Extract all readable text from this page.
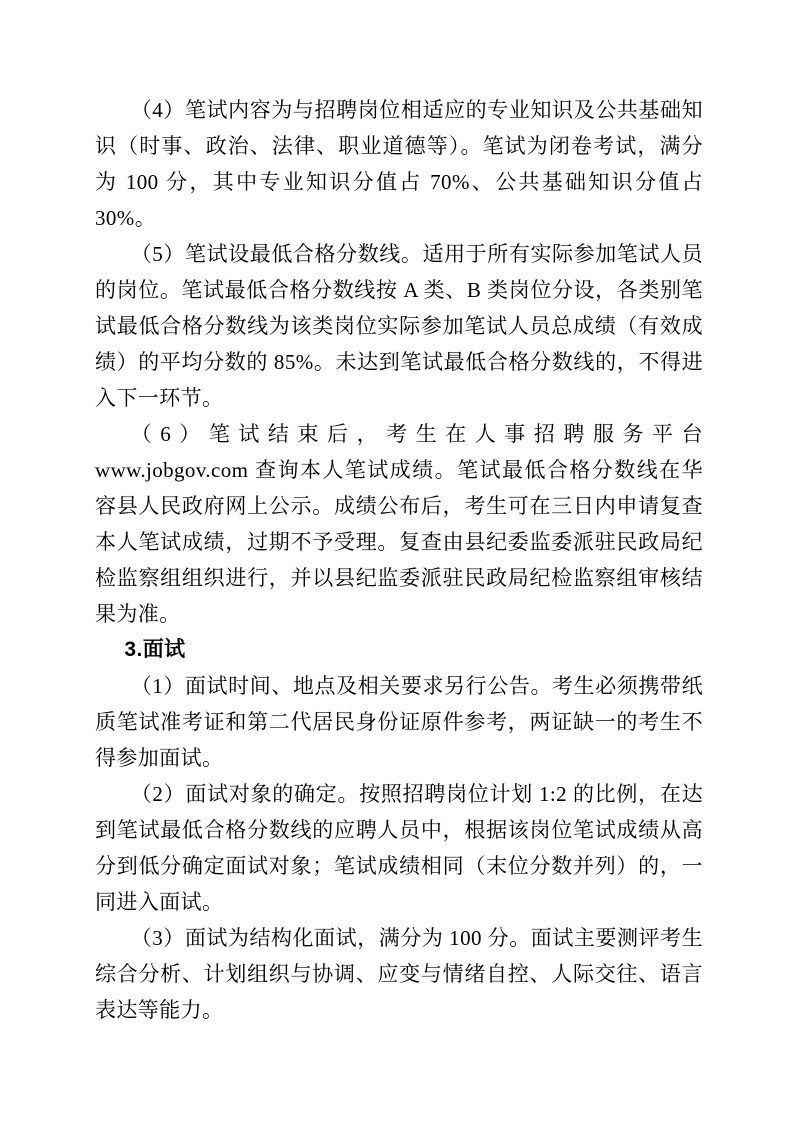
（4）笔试内容为与招聘岗位相适应的专业知识及公共基础知识（时事、政治、法律、职业道德等）。笔试为闭卷考试，满分为 100 分，其中专业知识分值占 70%、公共基础知识分值占 30%。

（5）笔试设最低合格分数线。适用于所有实际参加笔试人员的岗位。笔试最低合格分数线按 A 类、B 类岗位分设，各类别笔试最低合格分数线为该类岗位实际参加笔试人员总成绩（有效成绩）的平均分数的 85%。未达到笔试最低合格分数线的，不得进入下一环节。

（6）笔试结束后，考生在人事招聘服务平台 www.jobgov.com 查询本人笔试成绩。笔试最低合格分数线在华容县人民政府网上公示。成绩公布后，考生可在三日内申请复查本人笔试成绩，过期不予受理。复查由县纪委监委派驻民政局纪检监察组组织进行，并以县纪监委派驻民政局纪检监察组审核结果为准。

3.面试

（1）面试时间、地点及相关要求另行公告。考生必须携带纸质笔试准考证和第二代居民身份证原件参考，两证缺一的考生不得参加面试。

（2）面试对象的确定。按照招聘岗位计划 1:2 的比例，在达到笔试最低合格分数线的应聘人员中，根据该岗位笔试成绩从高分到低分确定面试对象；笔试成绩相同（末位分数并列）的，一同进入面试。

（3）面试为结构化面试，满分为 100 分。面试主要测评考生综合分析、计划组织与协调、应变与情绪自控、人际交往、语言表达等能力。
